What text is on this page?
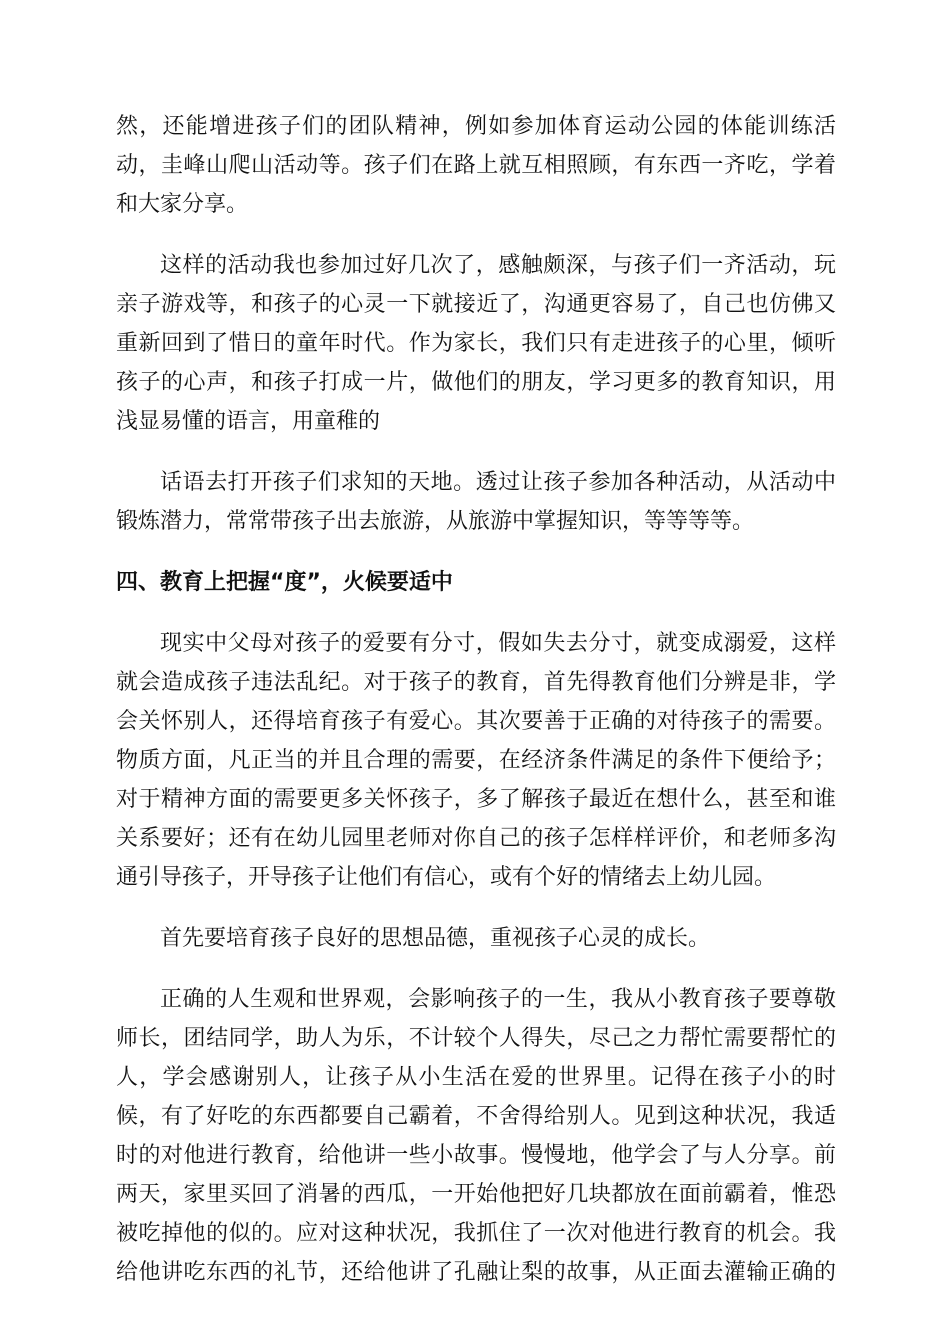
然，还能增进孩子们的团队精神，例如参加体育运动公园的体能训练活
动，圭峰山爬山活动等。孩子们在路上就互相照顾，有东西一齐吃，学着
和大家分享。
这样的活动我也参加过好几次了，感触颇深，与孩子们一齐活动，玩
亲子游戏等，和孩子的心灵一下就接近了，沟通更容易了，自己也仿佛又
重新回到了惜日的童年时代。作为家长，我们只有走进孩子的心里，倾听
孩子的心声，和孩子打成一片，做他们的朋友，学习更多的教育知识，用
浅显易懂的语言，用童稚的
话语去打开孩子们求知的天地。透过让孩子参加各种活动，从活动中
锻炼潜力，常常带孩子出去旅游，从旅游中掌握知识，等等等等。
四、教育上把握“度”，火候要适中
现实中父母对孩子的爱要有分寸，假如失去分寸，就变成溺爱，这样
就会造成孩子违法乱纪。对于孩子的教育，首先得教育他们分辨是非，学
会关怀别人，还得培育孩子有爱心。其次要善于正确的对待孩子的需要。
物质方面，凡正当的并且合理的需要，在经济条件满足的条件下便给予；
对于精神方面的需要更多关怀孩子，多了解孩子最近在想什么，甚至和谁
关系要好；还有在幼儿园里老师对你自己的孩子怎样样评价，和老师多沟
通引导孩子，开导孩子让他们有信心，或有个好的情绪去上幼儿园。
首先要培育孩子良好的思想品德，重视孩子心灵的成长。
正确的人生观和世界观，会影响孩子的一生，我从小教育孩子要尊敬
师长，团结同学，助人为乐，不计较个人得失，尽己之力帮忙需要帮忙的
人，学会感谢别人，让孩子从小生活在爱的世界里。记得在孩子小的时
候，有了好吃的东西都要自己霸着，不舍得给别人。见到这种状况，我适
时的对他进行教育，给他讲一些小故事。慢慢地，他学会了与人分享。前
两天，家里买回了消暑的西瓜，一开始他把好几块都放在面前霸着，惟恐
被吃掉他的似的。应对这种状况，我抓住了一次对他进行教育的机会。我
给他讲吃东西的礼节，还给他讲了孔融让梨的故事，从正面去灌输正确的
